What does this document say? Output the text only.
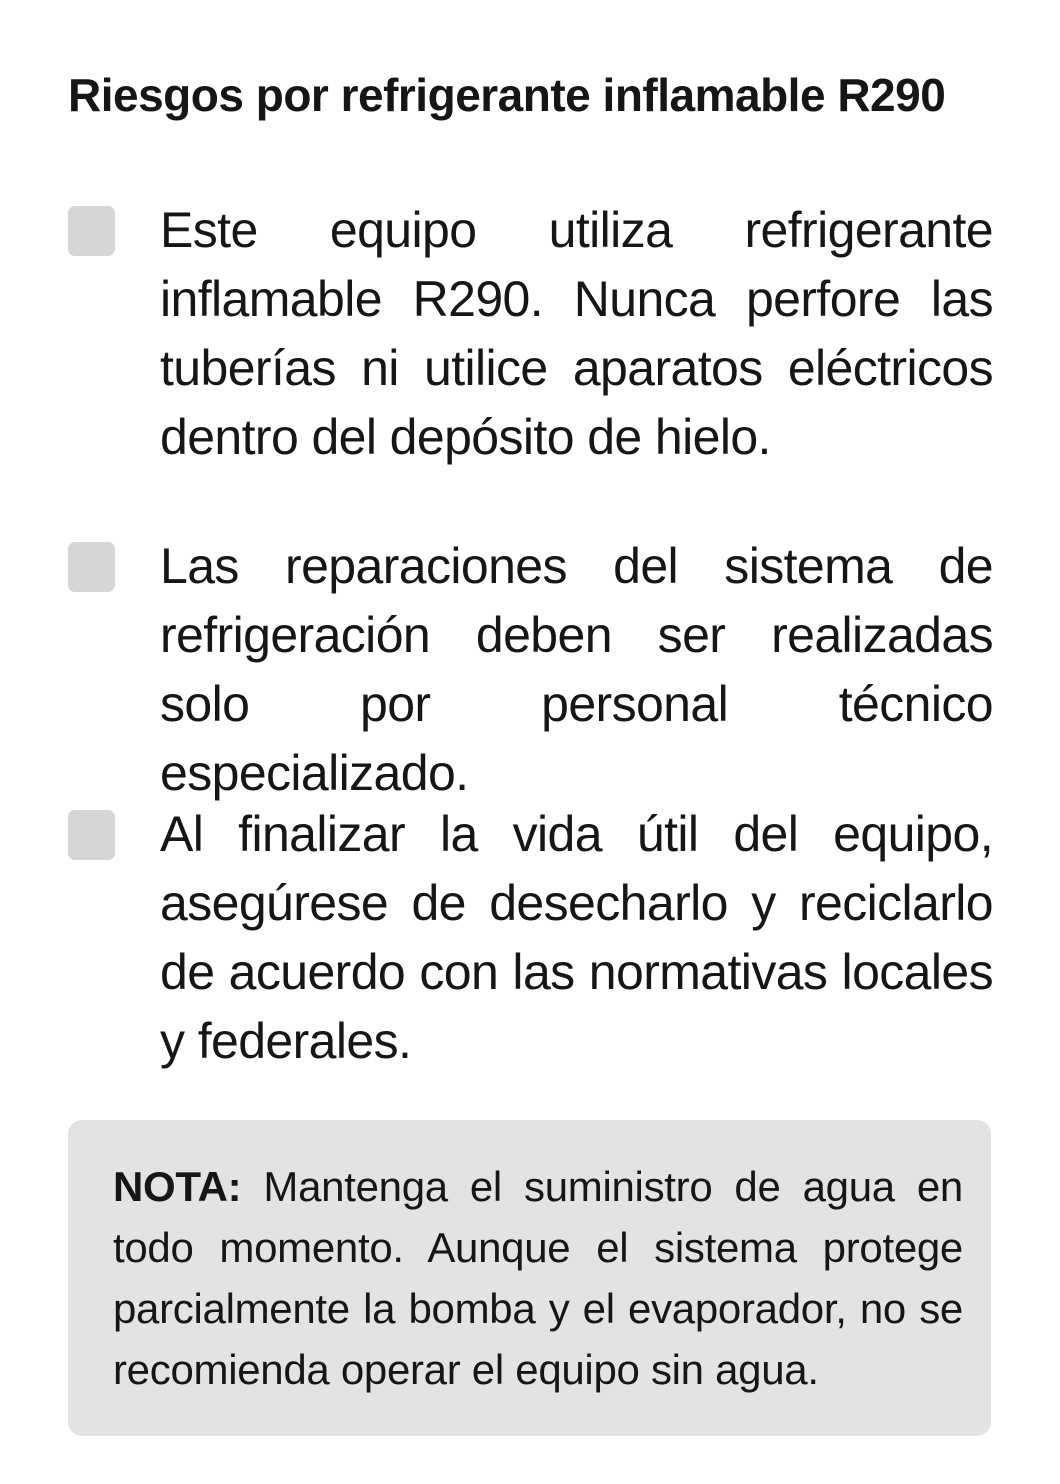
Riesgos por refrigerante inflamable R290
Este equipo utiliza refrigerante inflamable R290. Nunca perfore las tuberías ni utilice aparatos eléctricos dentro del depósito de hielo.
Las reparaciones del sistema de refrigeración deben ser realizadas solo por personal técnico especializado.
Al finalizar la vida útil del equipo, asegúrese de desecharlo y reciclarlo de acuerdo con las normativas locales y federales.
NOTA: Mantenga el suministro de agua en todo momento. Aunque el sistema protege parcialmente la bomba y el evaporador, no se recomienda operar el equipo sin agua.
